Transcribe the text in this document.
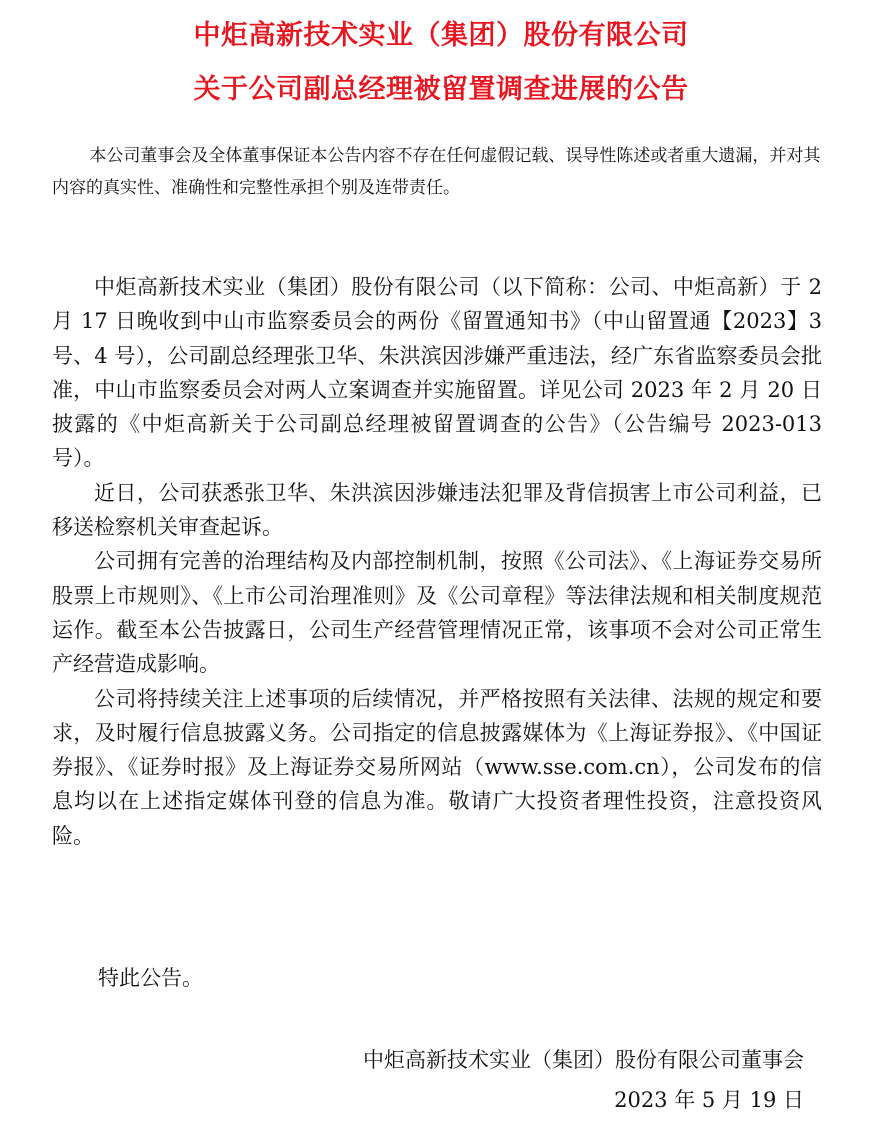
中炬高新技术实业（集团）股份有限公司
关于公司副总经理被留置调查进展的公告

本公司董事会及全体董事保证本公告内容不存在任何虚假记载、误导性陈述或者重大遗漏，并对其内容的真实性、准确性和完整性承担个别及连带责任。

中炬高新技术实业（集团）股份有限公司（以下简称：公司、中炬高新）于 2 月 17 日晚收到中山市监察委员会的两份《留置通知书》（中山留置通【2023】3 号、4 号），公司副总经理张卫华、朱洪滨因涉嫌严重违法，经广东省监察委员会批准，中山市监察委员会对两人立案调查并实施留置。详见公司 2023 年 2 月 20 日披露的《中炬高新关于公司副总经理被留置调查的公告》（公告编号 2023-013 号）。

近日，公司获悉张卫华、朱洪滨因涉嫌违法犯罪及背信损害上市公司利益，已移送检察机关审查起诉。

公司拥有完善的治理结构及内部控制机制，按照《公司法》、《上海证券交易所股票上市规则》、《上市公司治理准则》及《公司章程》等法律法规和相关制度规范运作。截至本公告披露日，公司生产经营管理情况正常，该事项不会对公司正常生产经营造成影响。

公司将持续关注上述事项的后续情况，并严格按照有关法律、法规的规定和要求，及时履行信息披露义务。公司指定的信息披露媒体为《上海证券报》、《中国证券报》、《证券时报》及上海证券交易所网站（www.sse.com.cn），公司发布的信息均以在上述指定媒体刊登的信息为准。敬请广大投资者理性投资，注意投资风险。

特此公告。

中炬高新技术实业（集团）股份有限公司董事会
2023 年 5 月 19 日
